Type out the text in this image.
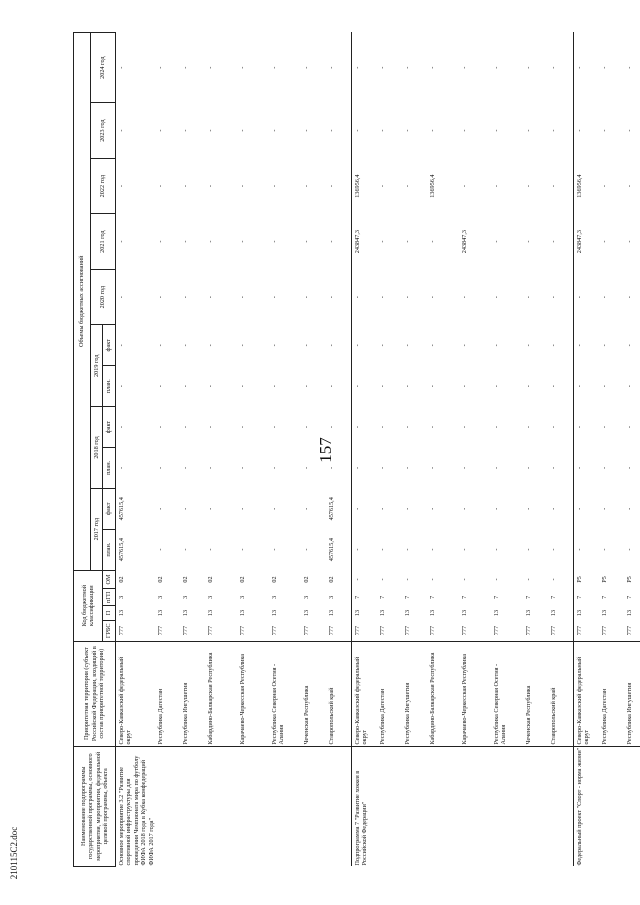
157
210115С2.doc
Наименование подпрограммы государственной программы, основного мероприятия, мероприятия, федеральной целевой программы, объекта	Приоритетная территория (субъект Российской Федерации, входящий в состав приоритетной территории)	Код бюджетной классификации				Объемы бюджетных ассигнований										
						2017 год		2018 год		2019 год		2020 год	2021 год	2022 год	2023 год	2024 год
		ГРБС	П	пГП	ОМ	план.	факт	план.	факт	план.	факт					
Основное мероприятие 3.2 "Развитие спортивной инфраструктуры для проведения Чемпионата мира по футболу ФИФА 2018 года в Кубка конфедераций ФИФА 2017 года"	Северо-Кавказский федеральный округ	777	13	3	02	457615,4	457615,4	-	-	-	-	-	-	-	-	-
	Республика Дагестан	777	13	3	02	-	-	-	-	-	-	-	-	-	-	-
	Республика Ингушетия	777	13	3	02	-	-	-	-	-	-	-	-	-	-	-
	Кабардино-Балкарская Республика	777	13	3	02	-	-	-	-	-	-	-	-	-	-	-
	Карачаево-Черкесская Республика	777	13	3	02	-	-	-	-	-	-	-	-	-	-	-
	Республика Северная Осетия - Алания	777	13	3	02	-	-	-	-	-	-	-	-	-	-	-
	Чеченская Республика	777	13	3	02	-	-	-	-	-	-	-	-	-	-	-
	Ставропольский край	777	13	3	02	457615,4	457615,4	-	-	-	-	-	-	-	-	-
Подпрограмма 7 "Развитие хоккея в Российской Федерации"	Северо-Кавказский федеральный округ	777	13	7	-	-	-	-	-	-	-	-	243847,3	136956,4	-	-
	Республика Дагестан	777	13	7	-	-	-	-	-	-	-	-	-	-	-	-
	Республика Ингушетия	777	13	7	-	-	-	-	-	-	-	-	-	-	-	-
	Кабардино-Балкарская Республика	777	13	7	-	-	-	-	-	-	-	-	-	136956,4	-	-
	Карачаево-Черкесская Республика	777	13	7	-	-	-	-	-	-	-	-	243847,3	-	-	-
	Республика Северная Осетия - Алания	777	13	7	-	-	-	-	-	-	-	-	-	-	-	-
	Чеченская Республика	777	13	7	-	-	-	-	-	-	-	-	-	-	-	-
	Ставропольский край	777	13	7	-	-	-	-	-	-	-	-	-	-	-	-
Федеральный проект "Спорт - норма жизни"	Северо-Кавказский федеральный округ	777	13	7	P5	-	-	-	-	-	-	-	243847,3	136956,4	-	-
	Республика Дагестан	777	13	7	P5	-	-	-	-	-	-	-	-	-	-	-
	Республика Ингушетия	777	13	7	P5	-	-	-	-	-	-	-	-	-	-	-
